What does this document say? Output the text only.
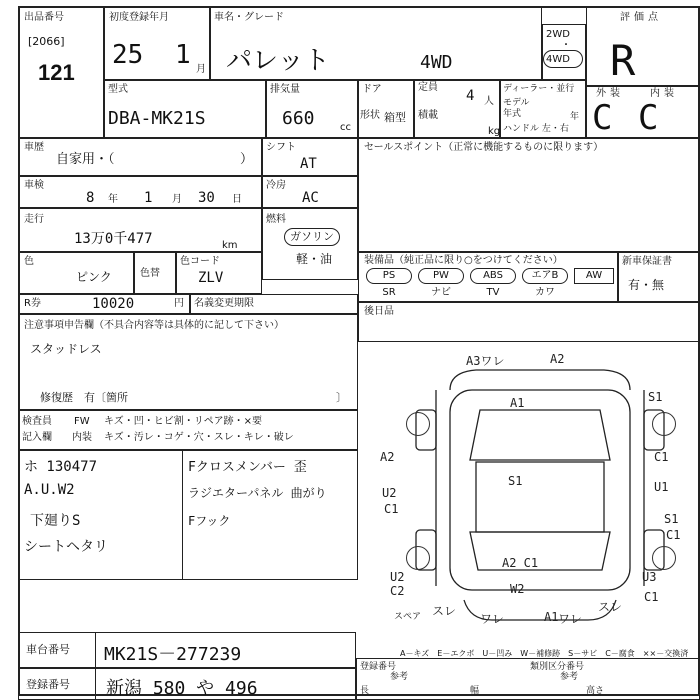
出品番号
[2066]
121
初度登録年月
25 1 月
車名・グレード
パレット	4WD
2WD
・
4WD
評価点
R
外装	内装
C C
型式
DBA-MK21S
排気量
660	cc
ドア
形状 箱型
定員
4 人
積載
kg
ディーラー・並行
モデル年式	年
ハンドル 左・右
車歴
自家用・（	）
シフト
AT
車検
8 年 1 月 30 日
冷房
AC
走行
13万0千477	km
燃料
ガソリン
軽・油
色
ピンク	色替
色コード
ZLV
R券	10020	円 名義変更期限
注意事項申告欄（不具合内容等は具体的に記して下さい）
スタッドレス
修復歴　有〔箇所	〕
セールスポイント（正常に機能するものに限ります）
装備品（純正品に限り○をつけてください）
PS	PW	ABS	エアB	AW
SR	ナビ	TV	カワ
新車保証書
有・無
後日品
検査員
記入欄
FW キズ・凹・ヒビ割・リペア跡・×要
内装 キズ・汚レ・コゲ・穴・スレ・キレ・破レ
ホ 130477
A.U.W2
下廻りS
シートヘタリ
Fクロスメンバー 歪
ラジエターパネル 曲がり
Fフック
A3ワレ	A2
A1	S1
S1
C1
A2
U1
U2
C1
S1
C1
U2
C2
A2 C1
W2
U3
C1
スレ
スレ
ワレ	ワレ
A1
スペア
A－キズ　E－エクボ　U－凹み　W－補修跡　S－サビ　C－腐食　××－交換済
車台番号 MK21S－277239
登録番号 新潟 580 や 496
登録番号	類別区分番号
参考	参考
長	幅	高さ
